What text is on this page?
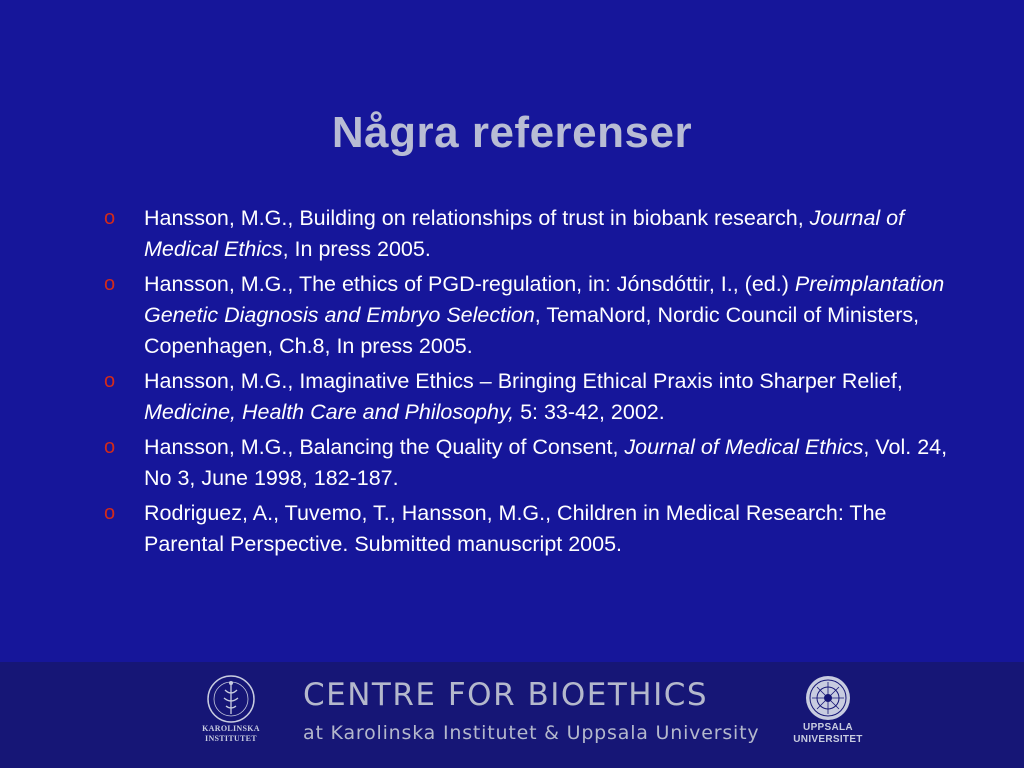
Några referenser
o Hansson, M.G., Building on relationships of trust in biobank research, Journal of Medical Ethics, In press 2005.
o Hansson, M.G., The ethics of PGD-regulation, in: Jónsdóttir, I., (ed.) Preimplantation Genetic Diagnosis and Embryo Selection, TemaNord, Nordic Council of Ministers, Copenhagen, Ch.8, In press 2005.
o Hansson, M.G., Imaginative Ethics – Bringing Ethical Praxis into Sharper Relief, Medicine, Health Care and Philosophy, 5: 33-42, 2002.
o Hansson, M.G., Balancing the Quality of Consent, Journal of Medical Ethics, Vol. 24, No 3, June 1998, 182-187.
o Rodriguez, A., Tuvemo, T., Hansson, M.G., Children in Medical Research: The Parental Perspective. Submitted manuscript 2005.
KAROLINSKA
INSTITUTET
CENTRE FOR BIOETHICS
at Karolinska Institutet & Uppsala University	UPPSALA
UNIVERSITET
